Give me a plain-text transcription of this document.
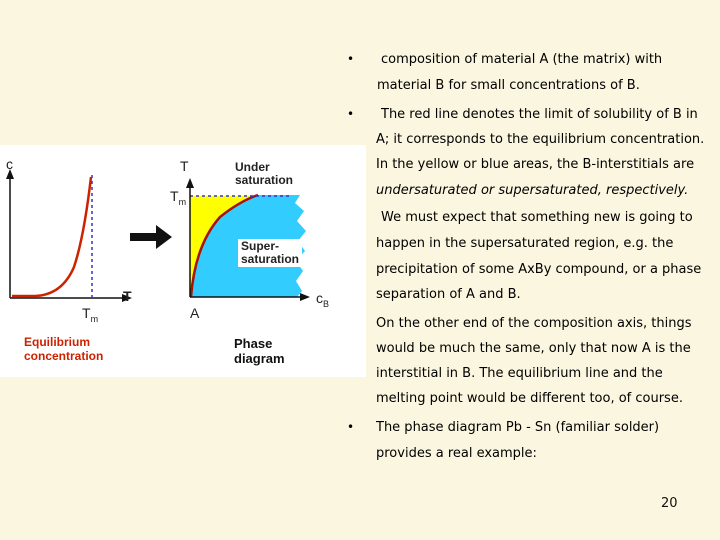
c
T
$T_m$
Equilibrium
concentration
T
$T_m$
$c_B$
A
Under
saturation
Super-
saturation
Phase
diagram
• composition of material A (the matrix) with
material B for small concentrations of B.
• The red line denotes the limit of solubility of B in
A; it corresponds to the equilibrium concentration.
In the yellow or blue areas, the B-interstitials are
undersaturated or supersaturated, respectively.
We must expect that something new is going to
happen in the supersaturated region, e.g. the
precipitation of some AxBy compound, or a phase
separation of A and B.
On the other end of the composition axis, things
would be much the same, only that now A is the
interstitial in B. The equilibrium line and the
melting point would be different too, of course.
• The phase diagram Pb - Sn (familiar solder)
provides a real example:
20
